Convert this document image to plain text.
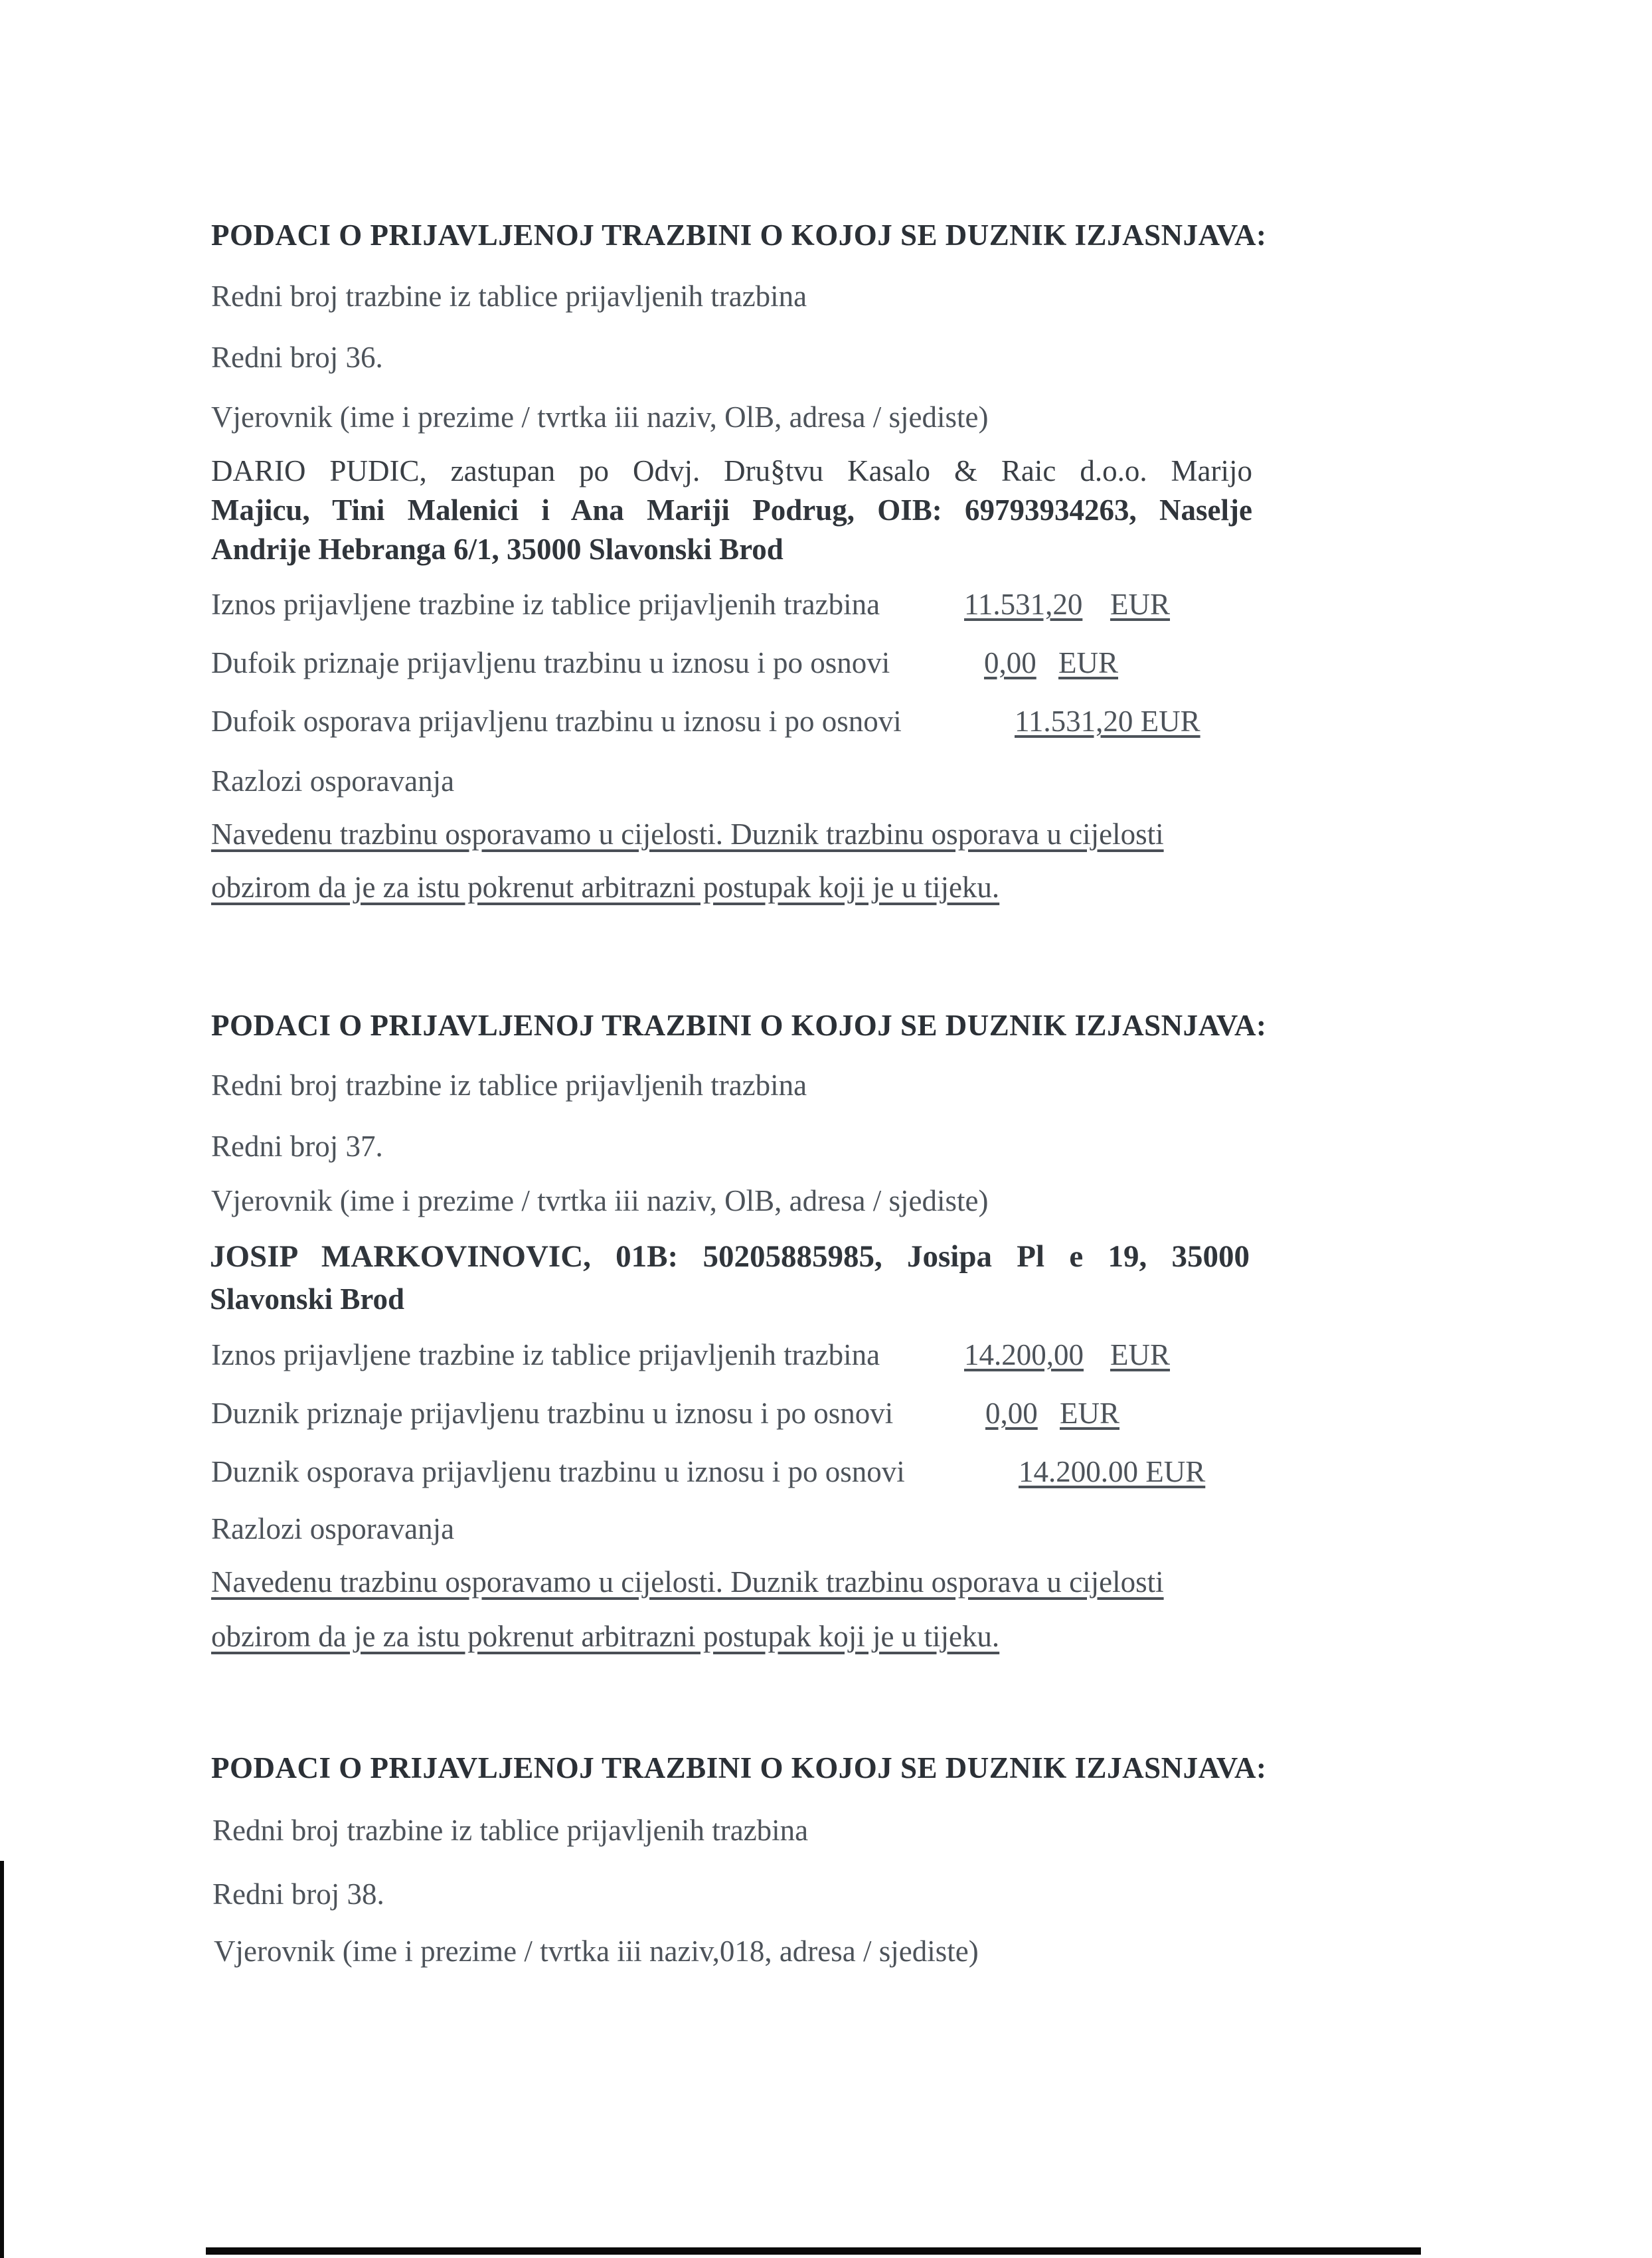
PODACI O PRIJAVLJENOJ TRAZBINI O KOJOJ SE DUZNIK IZJASNJAVA:
Redni broj trazbine iz tablice prijavljenih trazbina
Redni broj 36.
Vjerovnik (ime i prezime / tvrtka iii naziv, OlB, adresa / sjediste)
DARIO PUDIC, zastupan po Odvj. Dru§tvu Kasalo & Raic d.o.o. Marijo
Majicu, Tini Malenici i Ana Mariji Podrug, OIB: 69793934263, Naselje
Andrije Hebranga 6/1, 35000 Slavonski Brod
Iznos prijavljene trazbine iz tablice prijavljenih trazbina	11.531,20 EUR
Dufoik priznaje prijavljenu trazbinu u iznosu i po osnovi	0,00 EUR
Dufoik osporava prijavljenu trazbinu u iznosu i po osnovi	11.531,20 EUR
Razlozi osporavanja
Navedenu trazbinu osporavamo u cijelosti. Duznik trazbinu osporava u cijelosti
obzirom da je za istu pokrenut arbitrazni postupak koji je u tijeku.
PODACI O PRIJAVLJENOJ TRAZBINI O KOJOJ SE DUZNIK IZJASNJAVA:
Redni broj trazbine iz tablice prijavljenih trazbina
Redni broj 37.
Vjerovnik (ime i prezime / tvrtka iii naziv, OlB, adresa / sjediste)
JOSIP MARKOVINOVIC, 01B: 50205885985, Josipa Pl e 19, 35000
Slavonski Brod
Iznos prijavljene trazbine iz tablice prijavljenih trazbina	14.200,00 EUR
Duznik priznaje prijavljenu trazbinu u iznosu i po osnovi	0,00 EUR
Duznik osporava prijavljenu trazbinu u iznosu i po osnovi	14.200.00 EUR
Razlozi osporavanja
Navedenu trazbinu osporavamo u cijelosti. Duznik trazbinu osporava u cijelosti
obzirom da je za istu pokrenut arbitrazni postupak koji je u tijeku.
PODACI O PRIJAVLJENOJ TRAZBINI O KOJOJ SE DUZNIK IZJASNJAVA:
Redni broj trazbine iz tablice prijavljenih trazbina
Redni broj 38.
Vjerovnik (ime i prezime / tvrtka iii naziv,018, adresa / sjediste)
